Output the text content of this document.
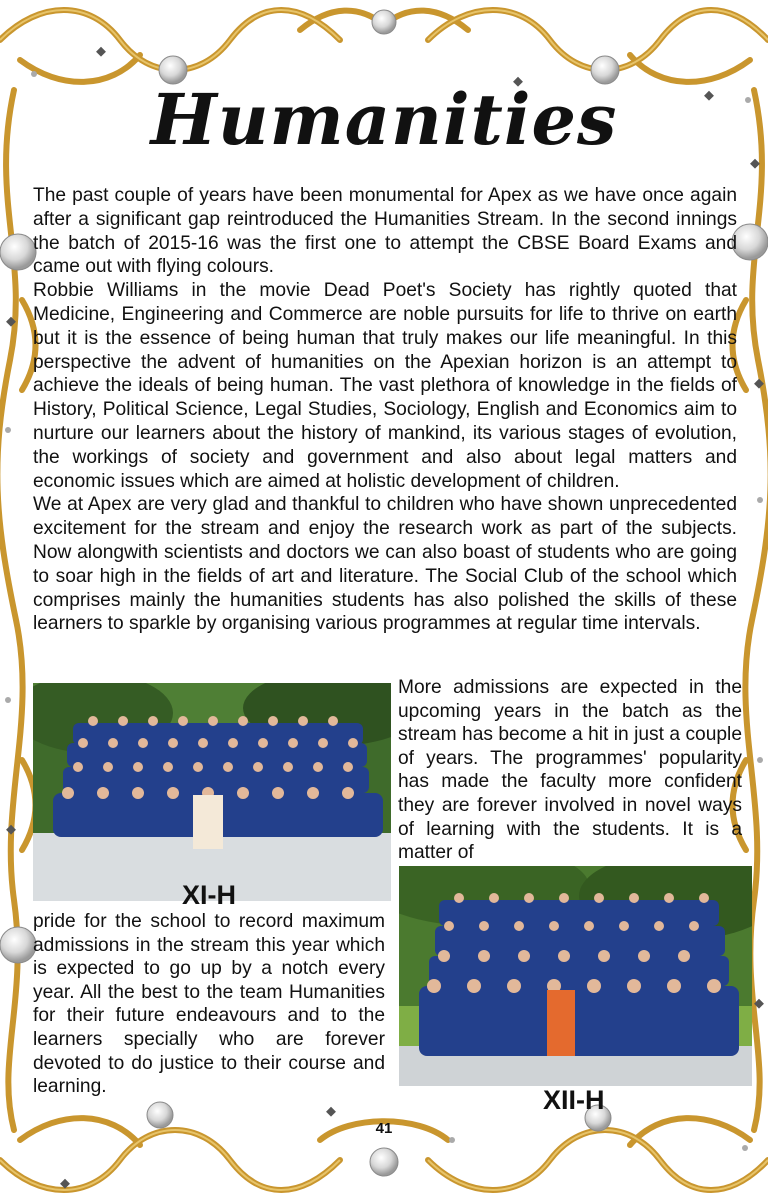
Humanities

The past couple of years have been monumental for Apex as we have once again after a significant gap reintroduced the Humanities Stream. In the second innings the batch of 2015-16 was the first one to attempt the CBSE Board Exams and came out with flying colours.

Robbie Williams in the movie Dead Poet's Society has rightly quoted that Medicine, Engineering and Commerce are noble pursuits for life to thrive on earth but it is the essence of being human that truly makes our life meaningful. In this perspective the advent of humanities on the Apexian horizon is an attempt to achieve the ideals of being human. The vast plethora of knowledge in the fields of History, Political Science, Legal Studies, Sociology, English and Economics aim to nurture our learners about the history of mankind, its various stages of evolution, the workings of society and government and also about legal matters and economic issues which are aimed at holistic development of children.

We at Apex are very glad and thankful to children who have shown unprecedented excitement for the stream and enjoy the research work as part of the subjects. Now alongwith scientists and doctors we can also boast of students who are going to soar high in the fields of art and literature. The Social Club of the school which comprises mainly the humanities students has also polished the skills of these learners to sparkle by organising various programmes at regular time intervals.

XI-H
More admissions are expected in the upcoming years in the batch as the stream has become a hit in just a couple of years. The programmes' popularity has made the faculty more confident they are forever involved in novel ways of learning with the students. It is a matter of
pride for the school to record maximum admissions in the stream this year which is expected to go up by a notch every year. All the best to the team Humanities for their future endeavours and to the learners specially who are forever devoted to do justice to their course and learning.	XII-H
41
